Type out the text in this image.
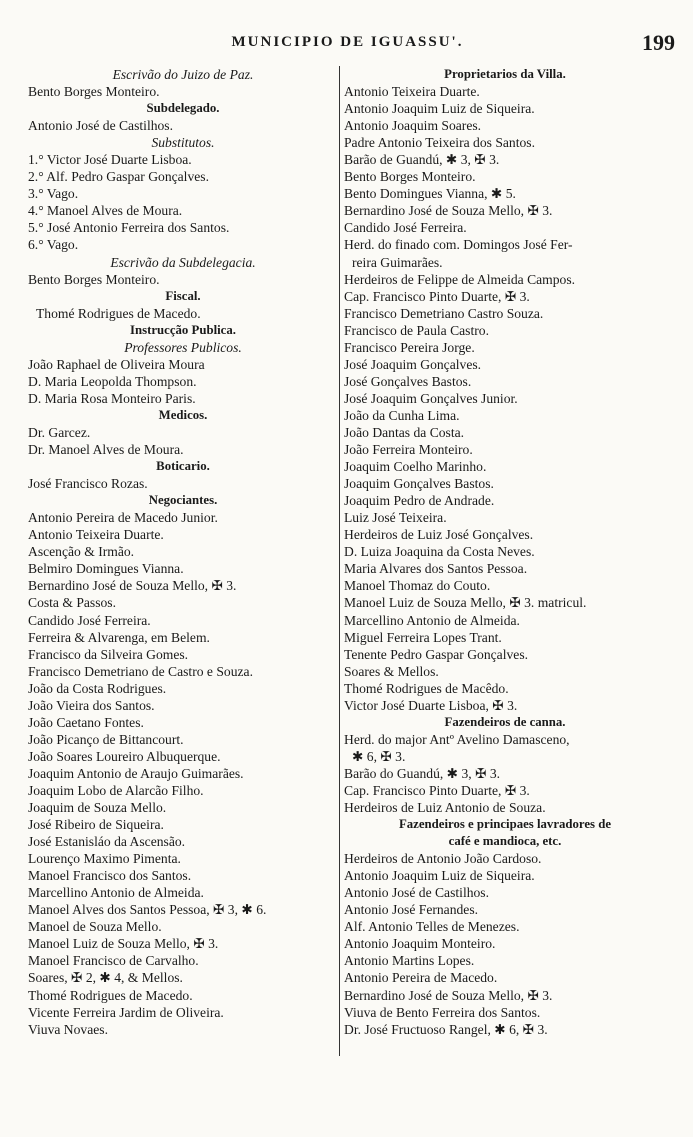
MUNICIPIO DE IGUASSU'.	199
Escrivão do Juizo de Paz.
Bento Borges Monteiro.
Subdelegado.
Antonio José de Castilhos.
Substitutos.
1.° Victor José Duarte Lisboa.
2.° Alf. Pedro Gaspar Gonçalves.
3.° Vago.
4.° Manoel Alves de Moura.
5.° José Antonio Ferreira dos Santos.
6.° Vago.
Escrivão da Subdelegacia.
Bento Borges Monteiro.
Fiscal.
Thomé Rodrigues de Macedo.
Instrucção Publica.
Professores Publicos.
João Raphael de Oliveira Moura
D. Maria Leopolda Thompson.
D. Maria Rosa Monteiro Paris.
Medicos.
Dr. Garcez.
Dr. Manoel Alves de Moura.
Boticario.
José Francisco Rozas.
Negociantes.
Antonio Pereira de Macedo Junior.
Antonio Teixeira Duarte.
Ascenção & Irmão.
Belmiro Domingues Vianna.
Bernardino José de Souza Mello, ✠ 3.
Costa & Passos.
Candido José Ferreira.
Ferreira & Alvarenga, em Belem.
Francisco da Silveira Gomes.
Francisco Demetriano de Castro e Souza.
João da Costa Rodrigues.
João Vieira dos Santos.
João Caetano Fontes.
João Picanço de Bittancourt.
João Soares Loureiro Albuquerque.
Joaquim Antonio de Araujo Guimarães.
Joaquim Lobo de Alarcão Filho.
Joaquim de Souza Mello.
José Ribeiro de Siqueira.
José Estanisláo da Ascensão.
Lourenço Maximo Pimenta.
Manoel Francisco dos Santos.
Marcellino Antonio de Almeida.
Manoel Alves dos Santos Pessoa, ✠ 3, ✱ 6.
Manoel de Souza Mello.
Manoel Luiz de Souza Mello, ✠ 3.
Manoel Francisco de Carvalho.
Soares, ✠ 2, ✱ 4, & Mellos.
Thomé Rodrigues de Macedo.
Vicente Ferreira Jardim de Oliveira.
Viuva Novaes.
Proprietarios da Villa.
Antonio Teixeira Duarte.
Antonio Joaquim Luiz de Siqueira.
Antonio Joaquim Soares.
Padre Antonio Teixeira dos Santos.
Barão de Guandú, ✱ 3, ✠ 3.
Bento Borges Monteiro.
Bento Domingues Vianna, ✱ 5.
Bernardino José de Souza Mello, ✠ 3.
Candido José Ferreira.
Herd. do finado com. Domingos José Fer-
reira Guimarães.
Herdeiros de Felippe de Almeida Campos.
Cap. Francisco Pinto Duarte, ✠ 3.
Francisco Demetriano Castro Souza.
Francisco de Paula Castro.
Francisco Pereira Jorge.
José Joaquim Gonçalves.
José Gonçalves Bastos.
José Joaquim Gonçalves Junior.
João da Cunha Lima.
João Dantas da Costa.
João Ferreira Monteiro.
Joaquim Coelho Marinho.
Joaquim Gonçalves Bastos.
Joaquim Pedro de Andrade.
Luiz José Teixeira.
Herdeiros de Luiz José Gonçalves.
D. Luiza Joaquina da Costa Neves.
Maria Alvares dos Santos Pessoa.
Manoel Thomaz do Couto.
Manoel Luiz de Souza Mello, ✠ 3. matricul.
Marcellino Antonio de Almeida.
Miguel Ferreira Lopes Trant.
Tenente Pedro Gaspar Gonçalves.
Soares & Mellos.
Thomé Rodrigues de Macêdo.
Victor José Duarte Lisboa, ✠ 3.
Fazendeiros de canna.
Herd. do major Antº Avelino Damasceno,
✱ 6, ✠ 3.
Barão do Guandú, ✱ 3, ✠ 3.
Cap. Francisco Pinto Duarte, ✠ 3.
Herdeiros de Luiz Antonio de Souza.
Fazendeiros e principaes lavradores de
café e mandioca, etc.
Herdeiros de Antonio João Cardoso.
Antonio Joaquim Luiz de Siqueira.
Antonio José de Castilhos.
Antonio José Fernandes.
Alf. Antonio Telles de Menezes.
Antonio Joaquim Monteiro.
Antonio Martins Lopes.
Antonio Pereira de Macedo.
Bernardino José de Souza Mello, ✠ 3.
Viuva de Bento Ferreira dos Santos.
Dr. José Fructuoso Rangel, ✱ 6, ✠ 3.
